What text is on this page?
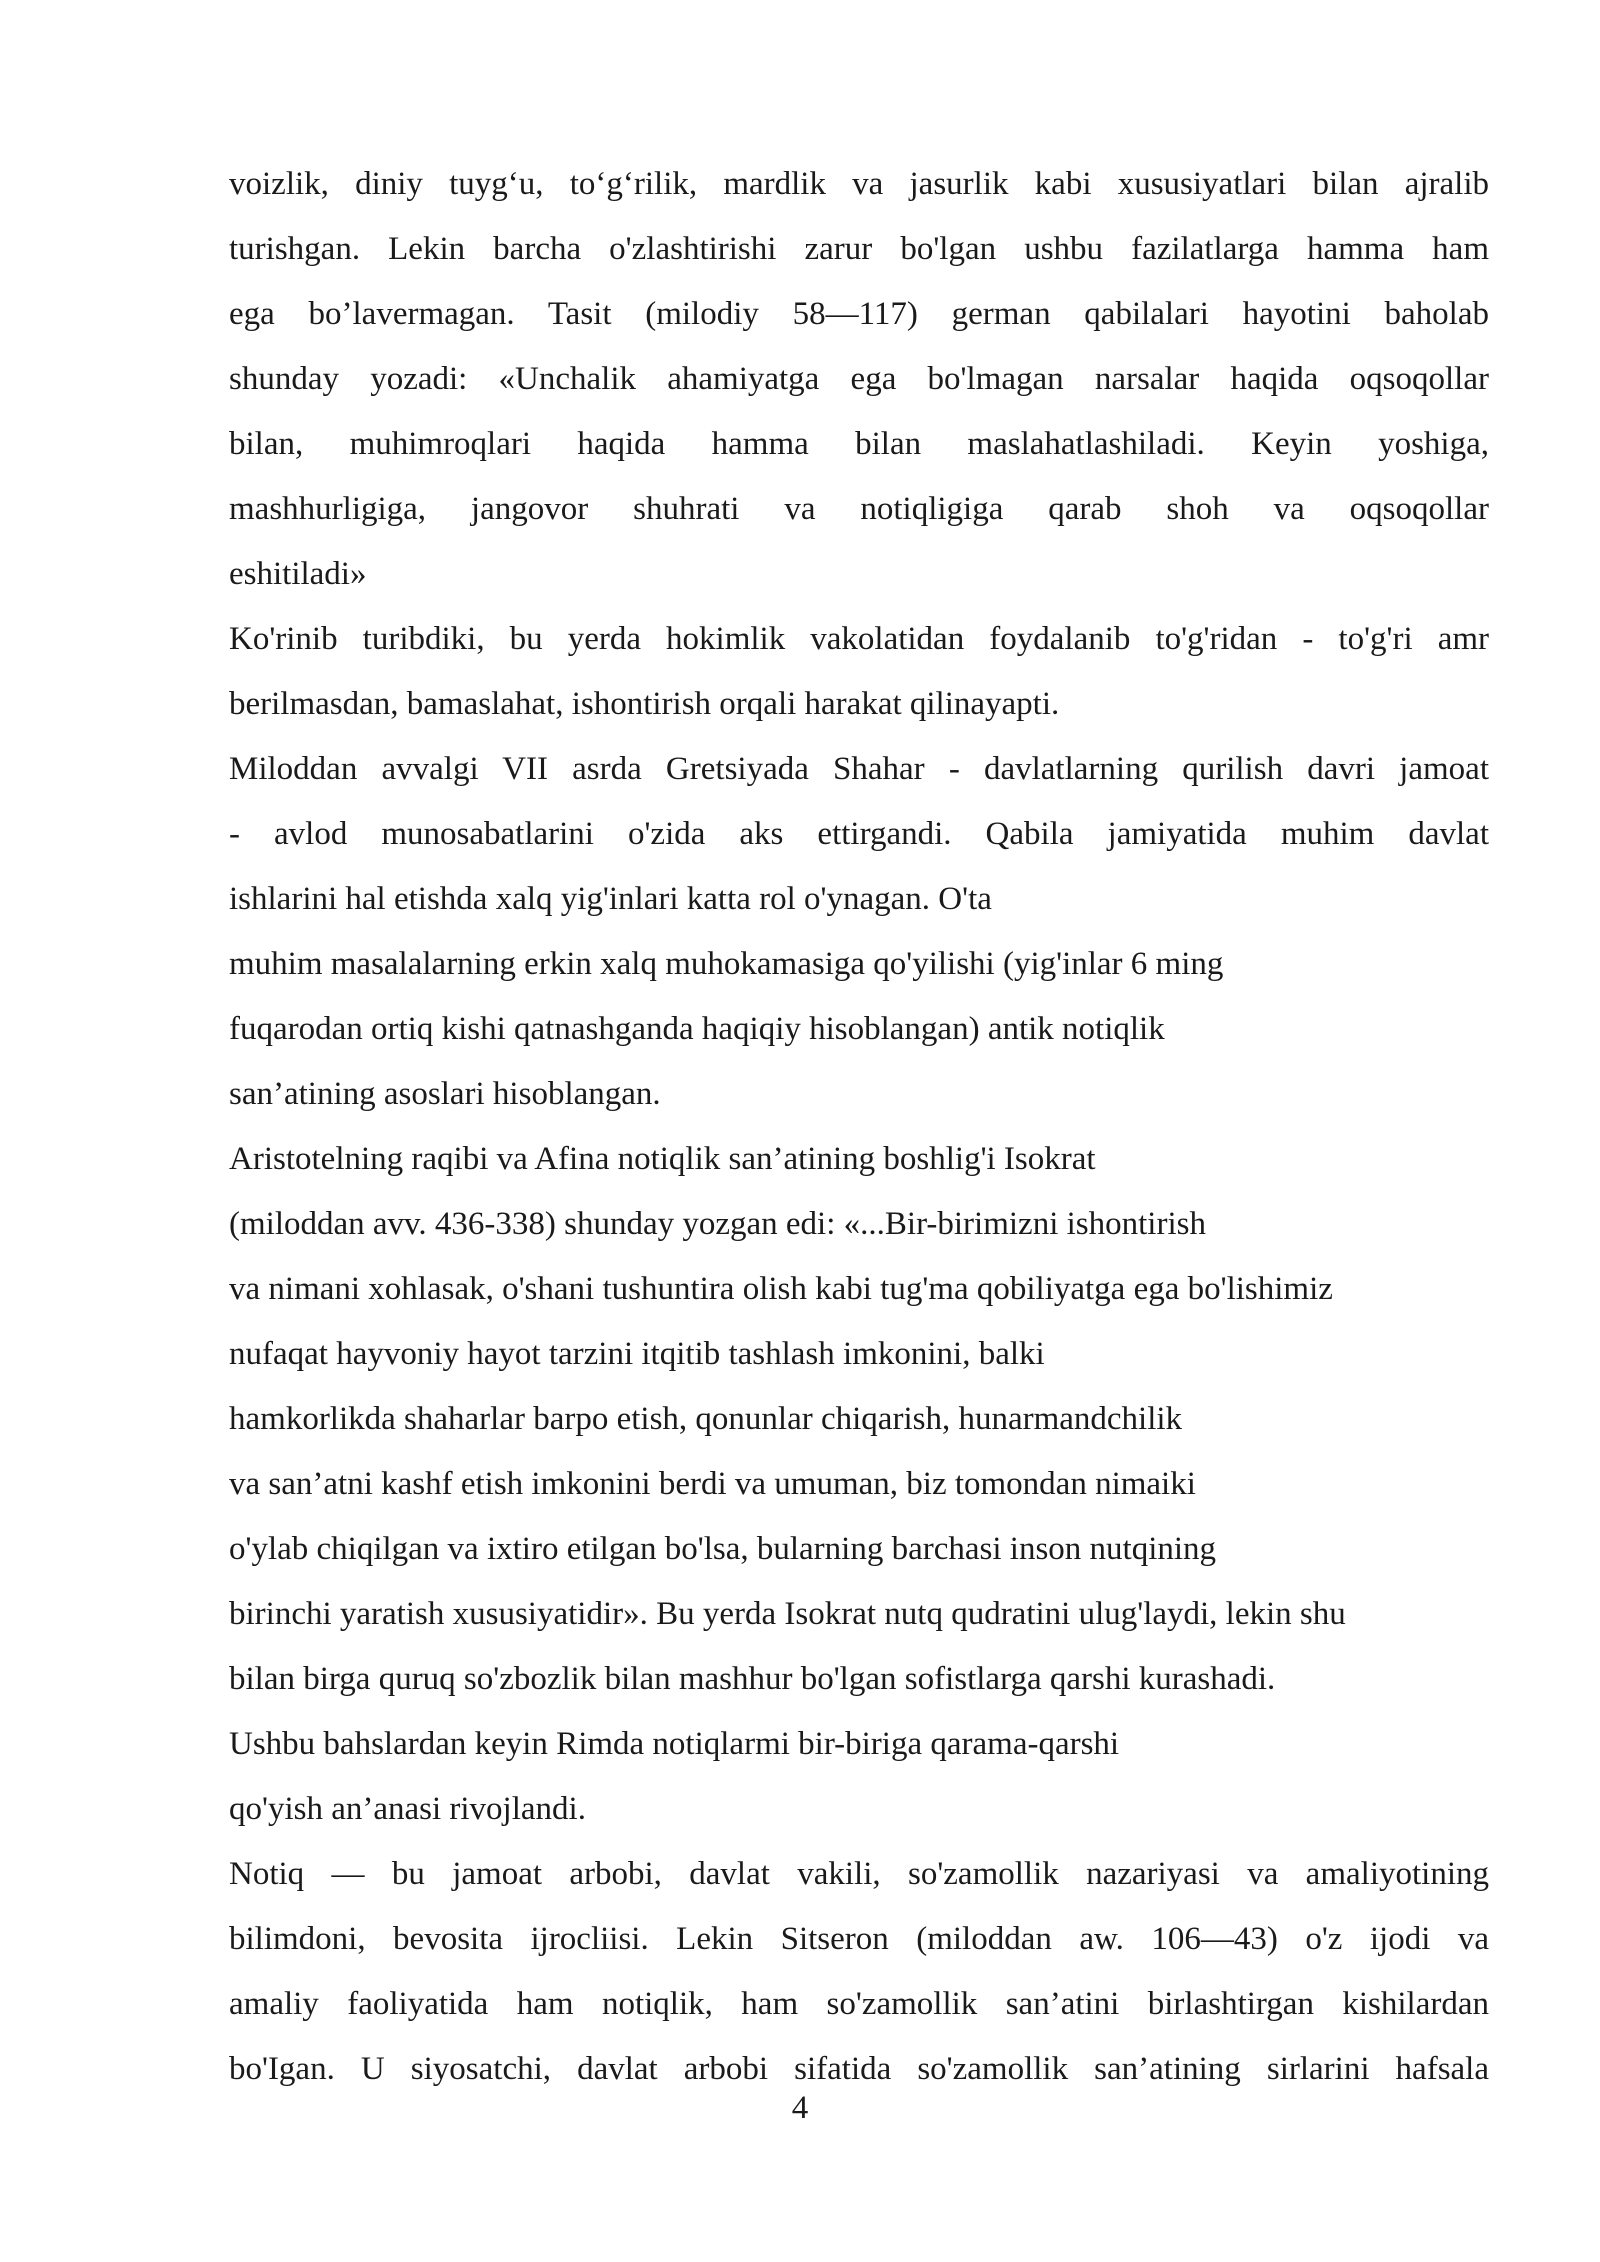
voizlik, diniy tuyg‘u, to‘g‘rilik, mardlik va jasurlik kabi xususiyatlari bilan ajralib
turishgan. Lekin barcha o'zlashtirishi zarur bo'lgan ushbu fazilatlarga hamma ham
ega bo’lavermagan. Tasit (milodiy 58—117) german qabilalari hayotini baholab
shunday yozadi: «Unchalik ahamiyatga ega bo'lmagan narsalar haqida oqsoqollar
bilan, muhimroqlari haqida hamma bilan maslahatlashiladi. Keyin yoshiga,
mashhurligiga, jangovor shuhrati va notiqligiga qarab shoh va oqsoqollar
eshitiladi»
Ko'rinib turibdiki, bu yerda hokimlik vakolatidan foydalanib to'g'ridan - to'g'ri amr
berilmasdan, bamaslahat, ishontirish orqali harakat qilinayapti.
Miloddan avvalgi VII asrda Gretsiyada Shahar - davlatlarning qurilish davri jamoat
- avlod munosabatlarini o'zida aks ettirgandi. Qabila jamiyatida muhim davlat
ishlarini hal etishda xalq yig'inlari katta rol o'ynagan. O'ta
muhim masalalarning erkin xalq muhokamasiga qo'yilishi (yig'inlar 6 ming
fuqarodan ortiq kishi qatnashganda haqiqiy hisoblangan) antik notiqlik
san’atining asoslari hisoblangan.
Aristotelning raqibi va Afina notiqlik san’atining boshlig'i Isokrat
(miloddan avv. 436-338) shunday yozgan edi: «...Bir-birimizni ishontirish
va nimani xohlasak, o'shani tushuntira olish kabi tug'ma qobiliyatga ega bo'lishimiz
nufaqat hayvoniy hayot tarzini itqitib tashlash imkonini, balki
hamkorlikda shaharlar barpo etish, qonunlar chiqarish, hunarmandchilik
va san’atni kashf etish imkonini berdi va umuman, biz tomondan nimaiki
o'ylab chiqilgan va ixtiro etilgan bo'lsa, bularning barchasi inson nutqining
birinchi yaratish xususiyatidir». Bu yerda Isokrat nutq qudratini ulug'laydi, lekin shu
bilan birga quruq so'zbozlik bilan mashhur bo'lgan sofistlarga qarshi kurashadi.
Ushbu bahslardan keyin Rimda notiqlarmi bir-biriga qarama-qarshi
qo'yish an’anasi rivojlandi.
Notiq — bu jamoat arbobi, davlat vakili, so'zamollik nazariyasi va amaliyotining
bilimdoni, bevosita ijrocliisi. Lekin Sitseron (miloddan aw. 106—43) o'z ijodi va
amaliy faoliyatida ham notiqlik, ham so'zamollik san’atini birlashtirgan kishilardan
bo'Igan. U siyosatchi, davlat arbobi sifatida so'zamollik san’atining sirlarini hafsala
4
